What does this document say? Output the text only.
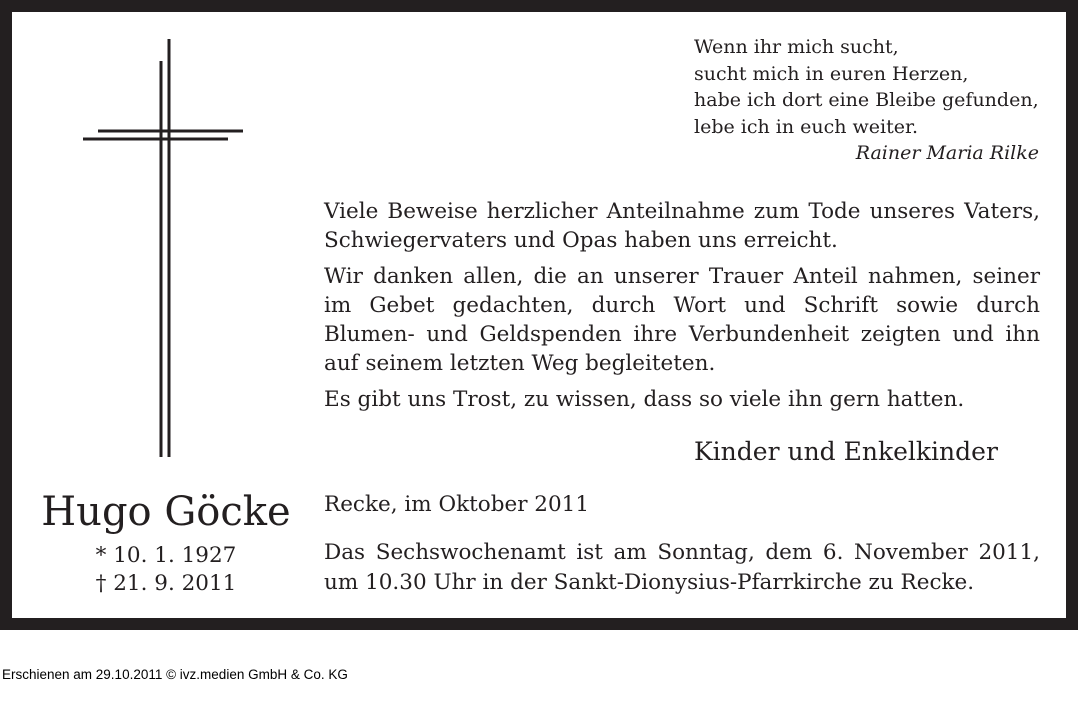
Wenn ihr mich sucht,
sucht mich in euren Herzen,
habe ich dort eine Bleibe gefunden,
lebe ich in euch weiter.
Rainer Maria Rilke

Viele Beweise herzlicher Anteilnahme zum Tode unseres Vaters, Schwiegervaters und Opas haben uns erreicht.

Wir danken allen, die an unserer Trauer Anteil nahmen, seiner im Gebet gedachten, durch Wort und Schrift sowie durch Blumen- und Geldspenden ihre Verbundenheit zeigten und ihn auf seinem letzten Weg begleiteten.

Es gibt uns Trost, zu wissen, dass so viele ihn gern hatten.

Kinder und Enkelkinder
Hugo Göcke
* 10. 1. 1927
† 21. 9. 2011
Recke, im Oktober 2011
Das Sechswochenamt ist am Sonntag, dem 6. November 2011, um 10.30 Uhr in der Sankt-Dionysius-Pfarrkirche zu Recke.
Erschienen am 29.10.2011 © ivz.medien GmbH & Co. KG
